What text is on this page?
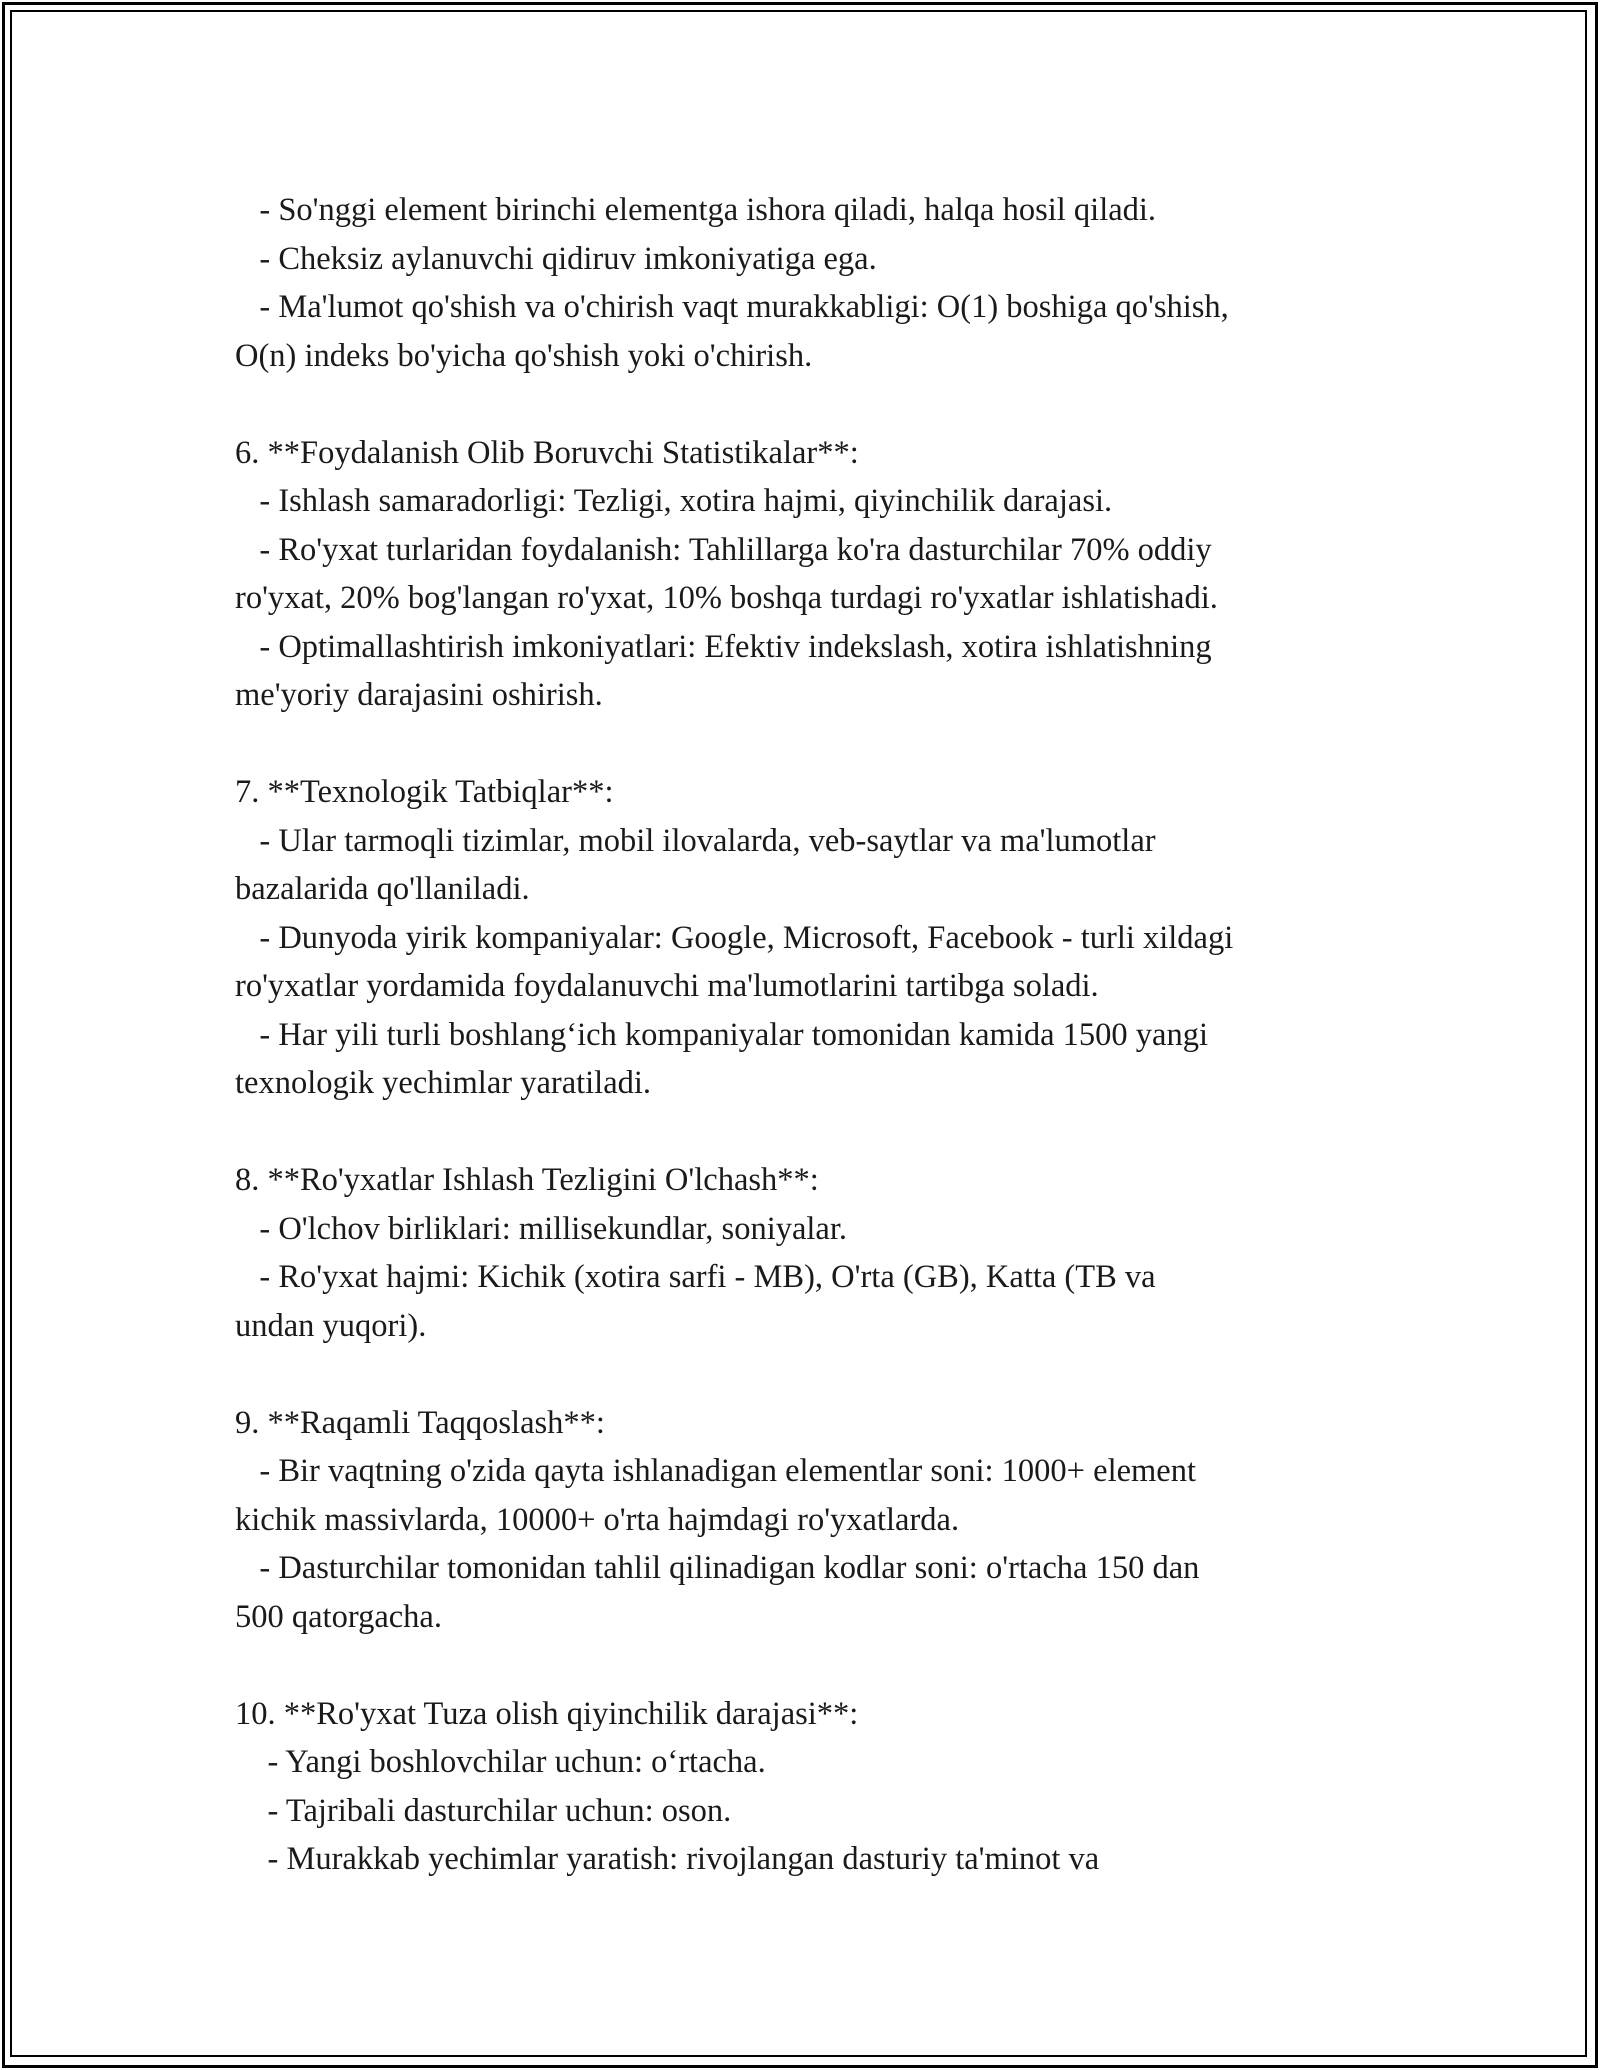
- So'nggi element birinchi elementga ishora qiladi, halqa hosil qiladi.
- Cheksiz aylanuvchi qidiruv imkoniyatiga ega.
- Ma'lumot qo'shish va o'chirish vaqt murakkabligi: O(1) boshiga qo'shish,
O(n) indeks bo'yicha qo'shish yoki o'chirish.
6. **Foydalanish Olib Boruvchi Statistikalar**:
- Ishlash samaradorligi: Tezligi, xotira hajmi, qiyinchilik darajasi.
- Ro'yxat turlaridan foydalanish: Tahlillarga ko'ra dasturchilar 70% oddiy
ro'yxat, 20% bog'langan ro'yxat, 10% boshqa turdagi ro'yxatlar ishlatishadi.
- Optimallashtirish imkoniyatlari: Efektiv indekslash, xotira ishlatishning
me'yoriy darajasini oshirish.
7. **Texnologik Tatbiqlar**:
- Ular tarmoqli tizimlar, mobil ilovalarda, veb-saytlar va ma'lumotlar
bazalarida qo'llaniladi.
- Dunyoda yirik kompaniyalar: Google, Microsoft, Facebook - turli xildagi
ro'yxatlar yordamida foydalanuvchi ma'lumotlarini tartibga soladi.
- Har yili turli boshlang‘ich kompaniyalar tomonidan kamida 1500 yangi
texnologik yechimlar yaratiladi.
8. **Ro'yxatlar Ishlash Tezligini O'lchash**:
- O'lchov birliklari: millisekundlar, soniyalar.
- Ro'yxat hajmi: Kichik (xotira sarfi - MB), O'rta (GB), Katta (TB va
undan yuqori).
9. **Raqamli Taqqoslash**:
- Bir vaqtning o'zida qayta ishlanadigan elementlar soni: 1000+ element
kichik massivlarda, 10000+ o'rta hajmdagi ro'yxatlarda.
- Dasturchilar tomonidan tahlil qilinadigan kodlar soni: o'rtacha 150 dan
500 qatorgacha.
10. **Ro'yxat Tuza olish qiyinchilik darajasi**:
- Yangi boshlovchilar uchun: o‘rtacha.
- Tajribali dasturchilar uchun: oson.
- Murakkab yechimlar yaratish: rivojlangan dasturiy ta'minot va
